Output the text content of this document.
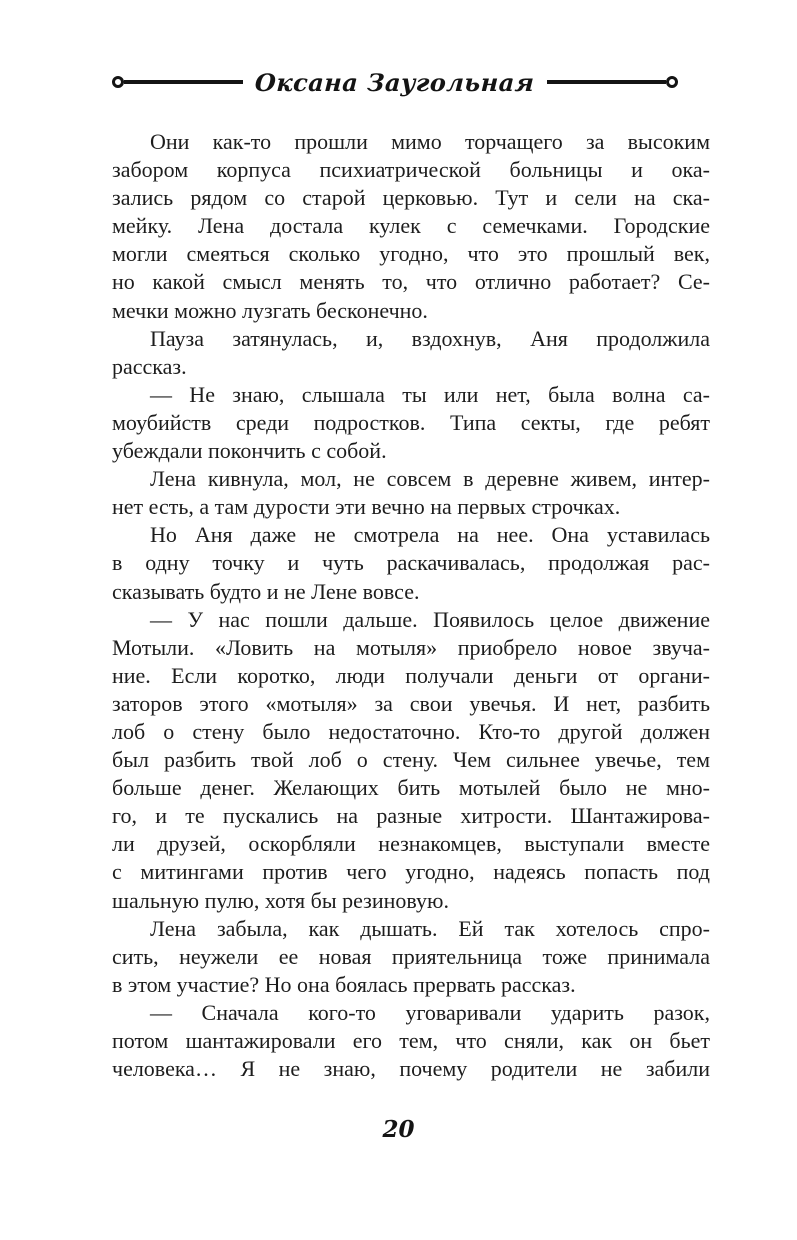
Оксана Заугольная

Они как-то прошли мимо торчащего за высоким
забором корпуса психиатрической больницы и ока-
зались рядом со старой церковью. Тут и сели на ска-
мейку. Лена достала кулек с семечками. Городские
могли смеяться сколько угодно, что это прошлый век,
но какой смысл менять то, что отлично работает? Се-
мечки можно лузгать бесконечно.

Пауза затянулась, и, вздохнув, Аня продолжила
рассказ.

— Не знаю, слышала ты или нет, была волна са-
моубийств среди подростков. Типа секты, где ребят
убеждали покончить с собой.

Лена кивнула, мол, не совсем в деревне живем, интер-
нет есть, а там дурости эти вечно на первых строчках.

Но Аня даже не смотрела на нее. Она уставилась
в одну точку и чуть раскачивалась, продолжая рас-
сказывать будто и не Лене вовсе.

— У нас пошли дальше. Появилось целое движение
Мотыли. «Ловить на мотыля» приобрело новое звуча-
ние. Если коротко, люди получали деньги от органи-
заторов этого «мотыля» за свои увечья. И нет, разбить
лоб о стену было недостаточно. Кто-то другой должен
был разбить твой лоб о стену. Чем сильнее увечье, тем
больше денег. Желающих бить мотылей было не мно-
го, и те пускались на разные хитрости. Шантажирова-
ли друзей, оскорбляли незнакомцев, выступали вместе
с митингами против чего угодно, надеясь попасть под
шальную пулю, хотя бы резиновую.

Лена забыла, как дышать. Ей так хотелось спро-
сить, неужели ее новая приятельница тоже принимала
в этом участие? Но она боялась прервать рассказ.

— Сначала кого-то уговаривали ударить разок,
потом шантажировали его тем, что сняли, как он бьет
человека… Я не знаю, почему родители не забили

20
